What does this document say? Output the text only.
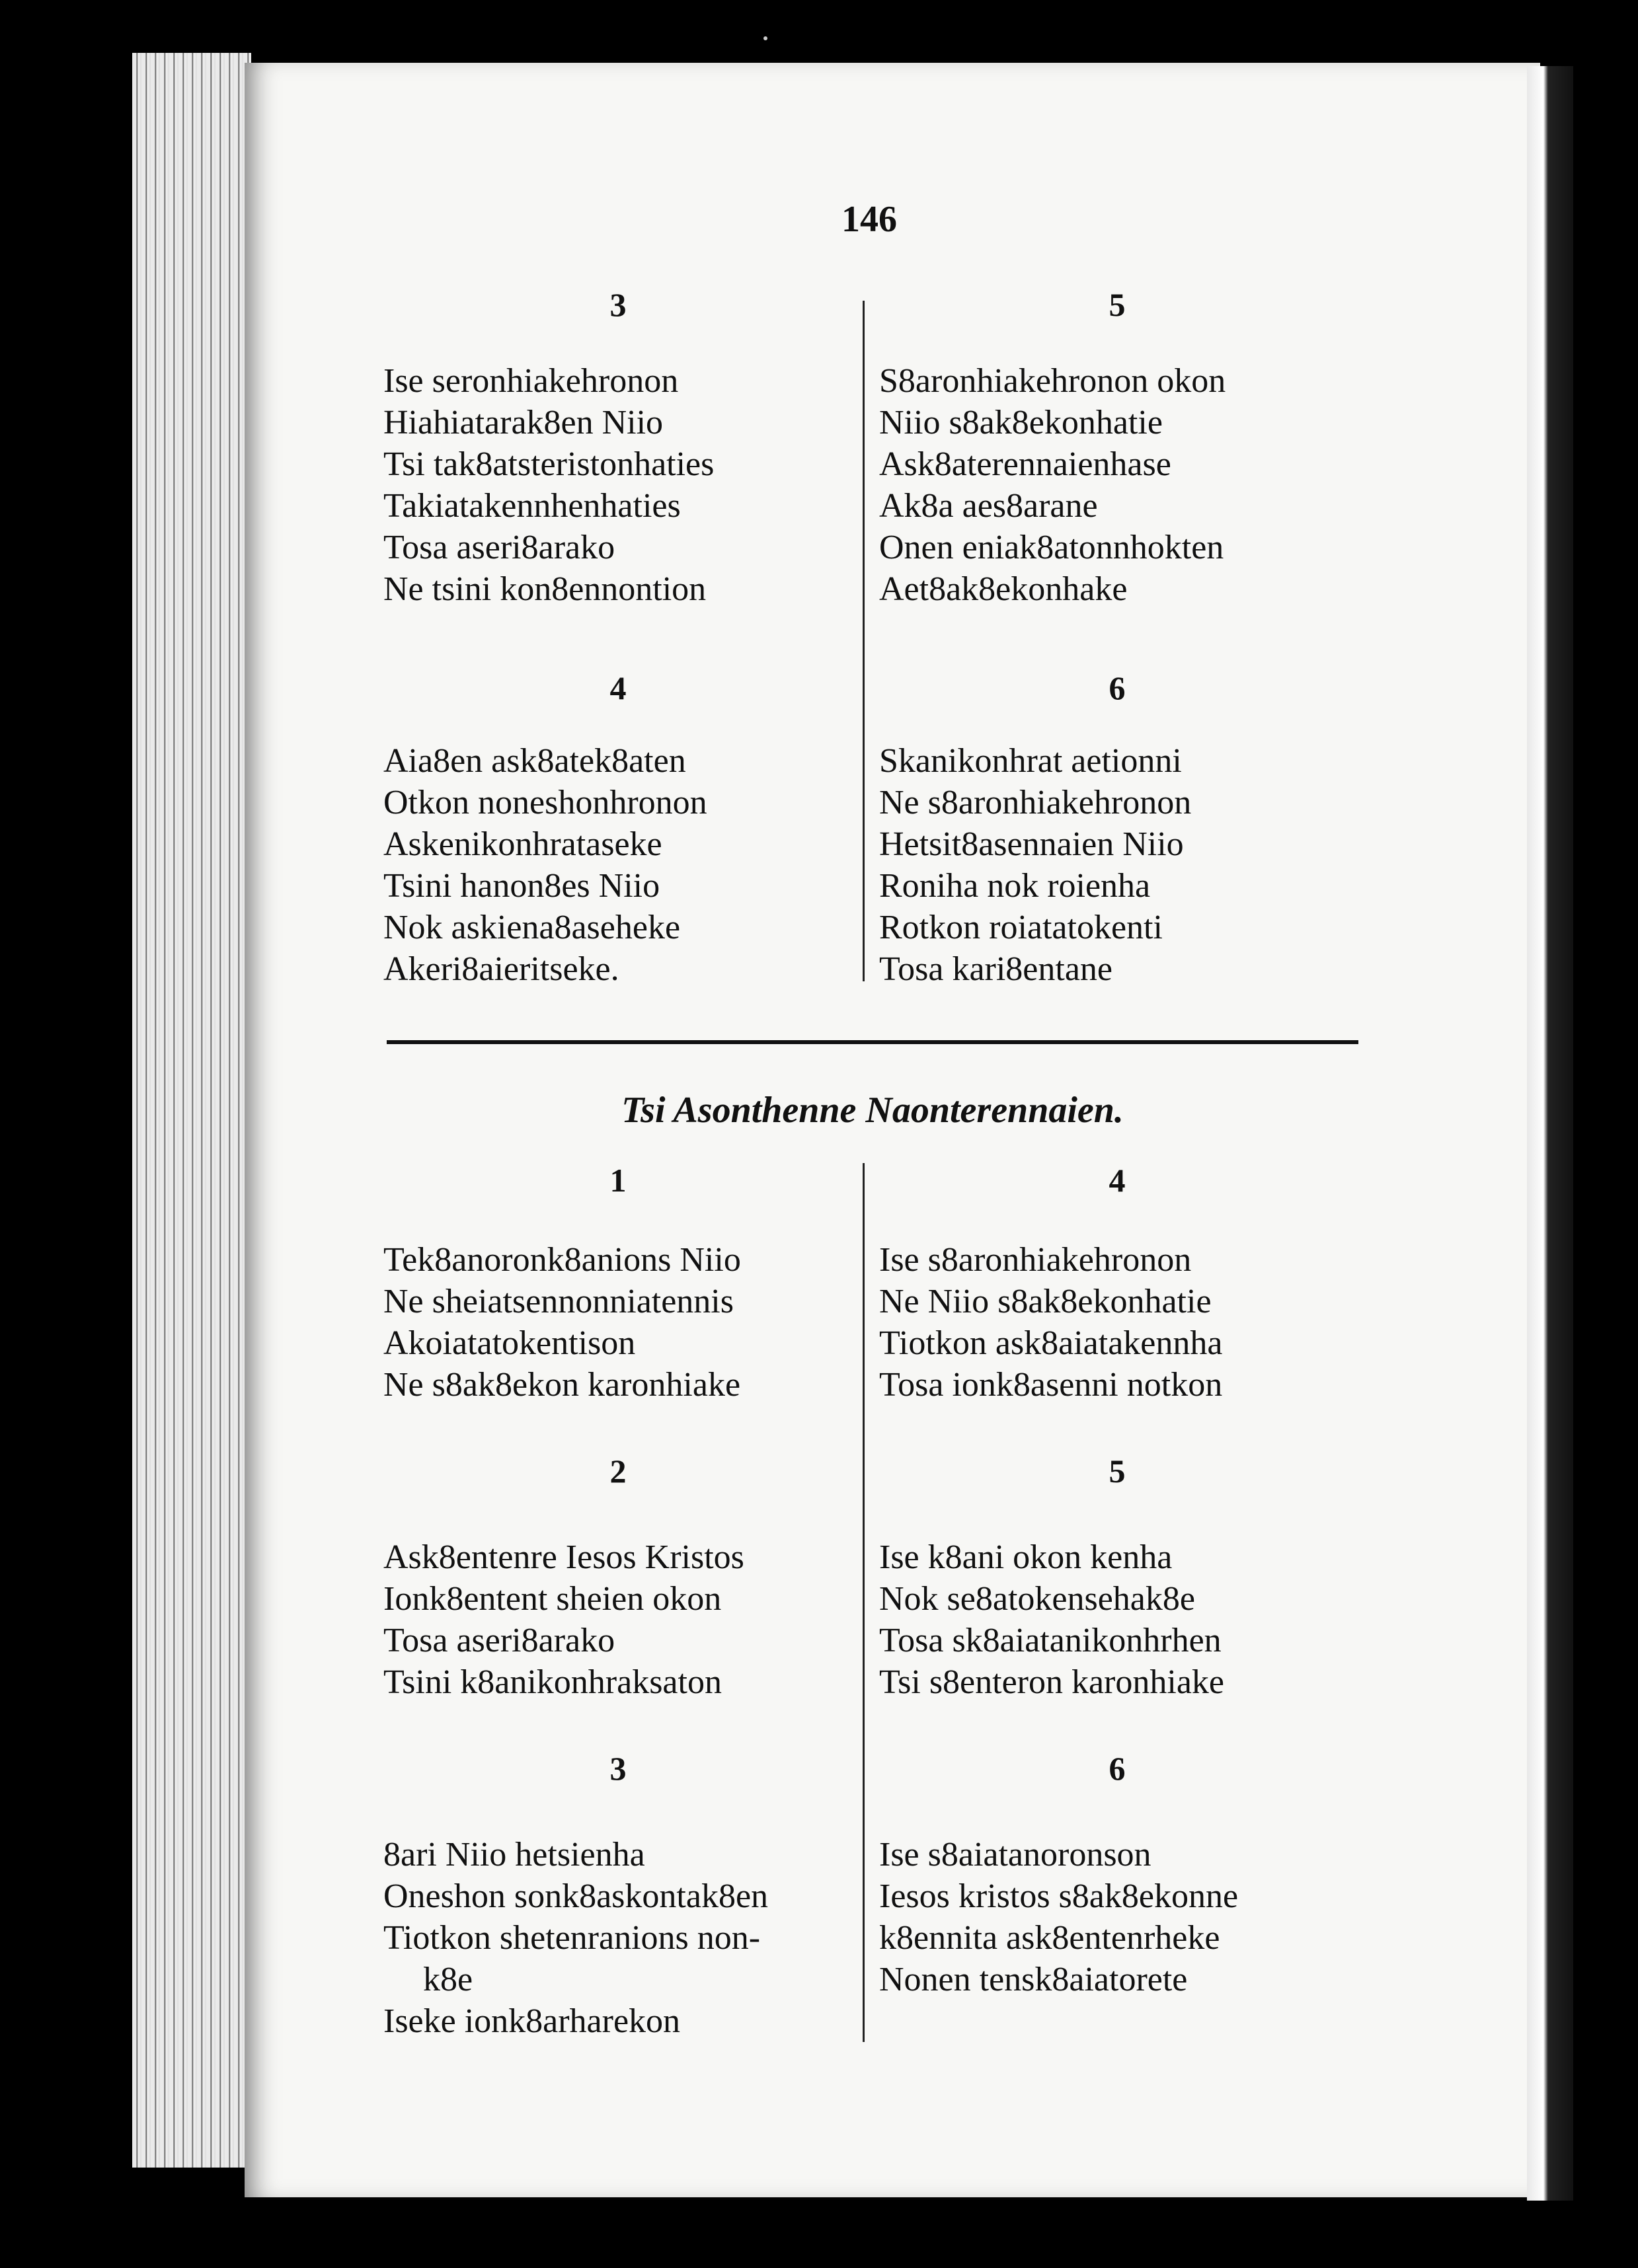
146
3
Ise seronhiakehronon
Hiahiatarak8en Niio
Tsi tak8atsteristonhaties
Takiatakennhenhaties
Tosa aseri8arako
Ne tsini kon8ennontion
4
Aia8en ask8atek8aten
Otkon noneshonhronon
Askenikonhrataseke
Tsini hanon8es Niio
Nok askiena8aseheke
Akeri8aieritseke.
5
S8aronhiakehronon okon
Niio s8ak8ekonhatie
Ask8aterennaienhase
Ak8a aes8arane
Onen eniak8atonnhokten
Aet8ak8ekonhake
6
Skanikonhrat aetionni
Ne s8aronhiakehronon
Hetsit8asennaien Niio
Roniha nok roienha
Rotkon roiatatokenti
Tosa kari8entane
Tsi Asonthenne Naonterennaien.
1
Tek8anoronk8anions Niio
Ne sheiatsennonniatennis
Akoiatatokentison
Ne s8ak8ekon karonhiake
2
Ask8entenre Iesos Kristos
Ionk8entent sheien okon
Tosa aseri8arako
Tsini k8anikonhraksaton
3
8ari Niio hetsienha
Oneshon sonk8askontak8en
Tiotkon shetenranions non-
k8e
Iseke ionk8arharekon
4
Ise s8aronhiakehronon
Ne Niio s8ak8ekonhatie
Tiotkon ask8aiatakennha
Tosa ionk8asenni notkon
5
Ise k8ani okon kenha
Nok se8atokensehak8e
Tosa sk8aiatanikonhrhen
Tsi s8enteron karonhiake
6
Ise s8aiatanoronson
Iesos kristos s8ak8ekonne
k8ennita ask8entenrheke
Nonen tensk8aiatorete
